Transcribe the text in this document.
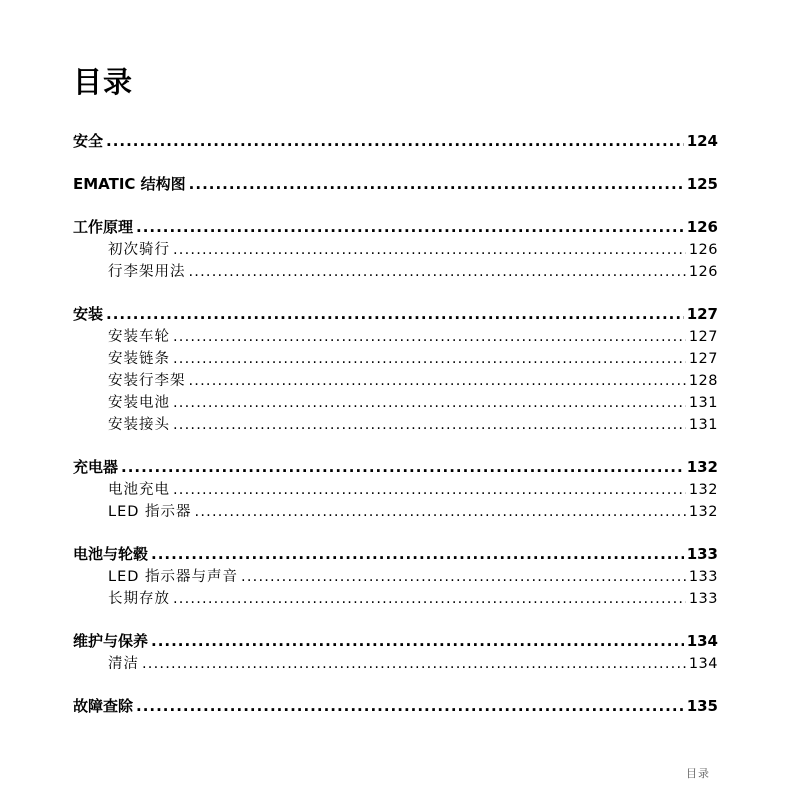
目录
安全 .....	124
EMATIC 结构图 .....	125
工作原理 .....	126
初次骑行 .....	126
行李架用法 .....	126
安装 .....	127
安装车轮 .....	127
安装链条 .....	127
安装行李架 .....	128
安装电池 .....	131
安装接头 .....	131
充电器 .....	132
电池充电 .....	132
LED 指示器 .....	132
电池与轮毂 .....	133
LED 指示器与声音 .....	133
长期存放 .....	133
维护与保养 .....	134
清洁 .....	134
故障查除 .....	135
目录
